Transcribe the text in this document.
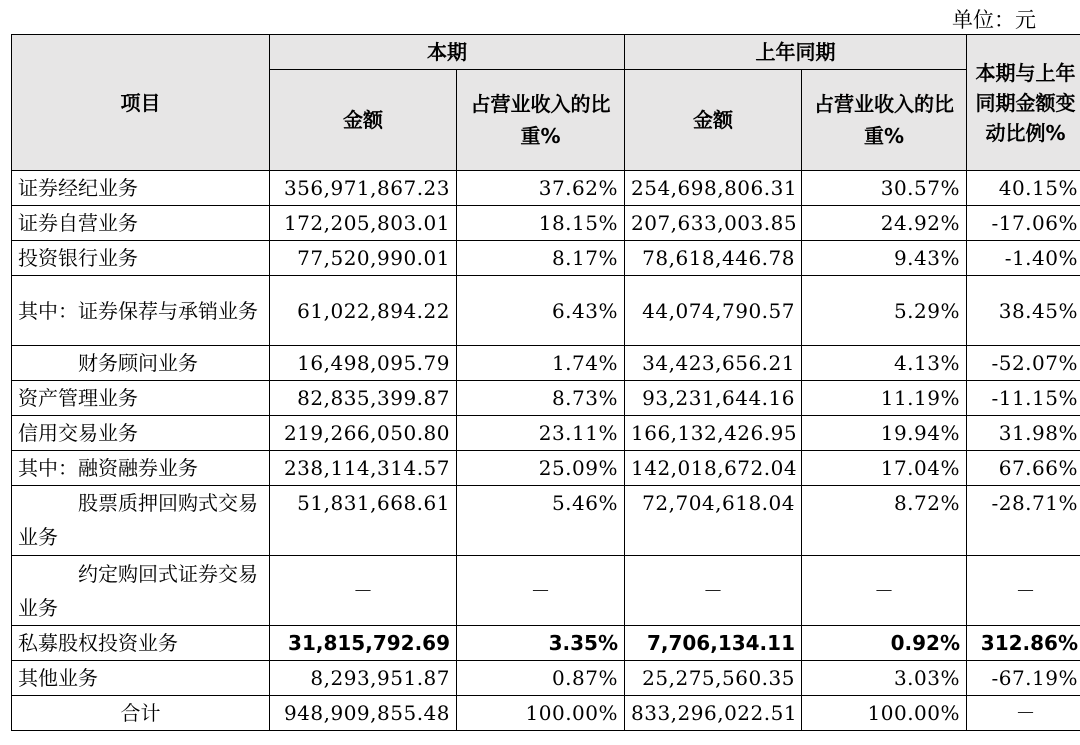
单位：元
项目	本期		上年同期		本期与上年同期金额变动比例%
	金额	占营业收入的比重%	金额	占营业收入的比重%	
证券经纪业务	356,971,867.23	37.62%	254,698,806.31	30.57%	40.15%
证券自营业务	172,205,803.01	18.15%	207,633,003.85	24.92%	-17.06%
投资银行业务	77,520,990.01	8.17%	78,618,446.78	9.43%	-1.40%
其中：证券保荐与承销业务	61,022,894.22	6.43%	44,074,790.57	5.29%	38.45%
财务顾问业务	16,498,095.79	1.74%	34,423,656.21	4.13%	-52.07%
资产管理业务	82,835,399.87	8.73%	93,231,644.16	11.19%	-11.15%
信用交易业务	219,266,050.80	23.11%	166,132,426.95	19.94%	31.98%
其中：融资融券业务	238,114,314.57	25.09%	142,018,672.04	17.04%	67.66%
股票质押回购式交易业务	51,831,668.61	5.46%	72,704,618.04	8.72%	-28.71%
约定购回式证券交易业务	－	－	－	－	－
私募股权投资业务	31,815,792.69	3.35%	7,706,134.11	0.92%	312.86%
其他业务	8,293,951.87	0.87%	25,275,560.35	3.03%	-67.19%
合计	948,909,855.48	100.00%	833,296,022.51	100.00%	－
